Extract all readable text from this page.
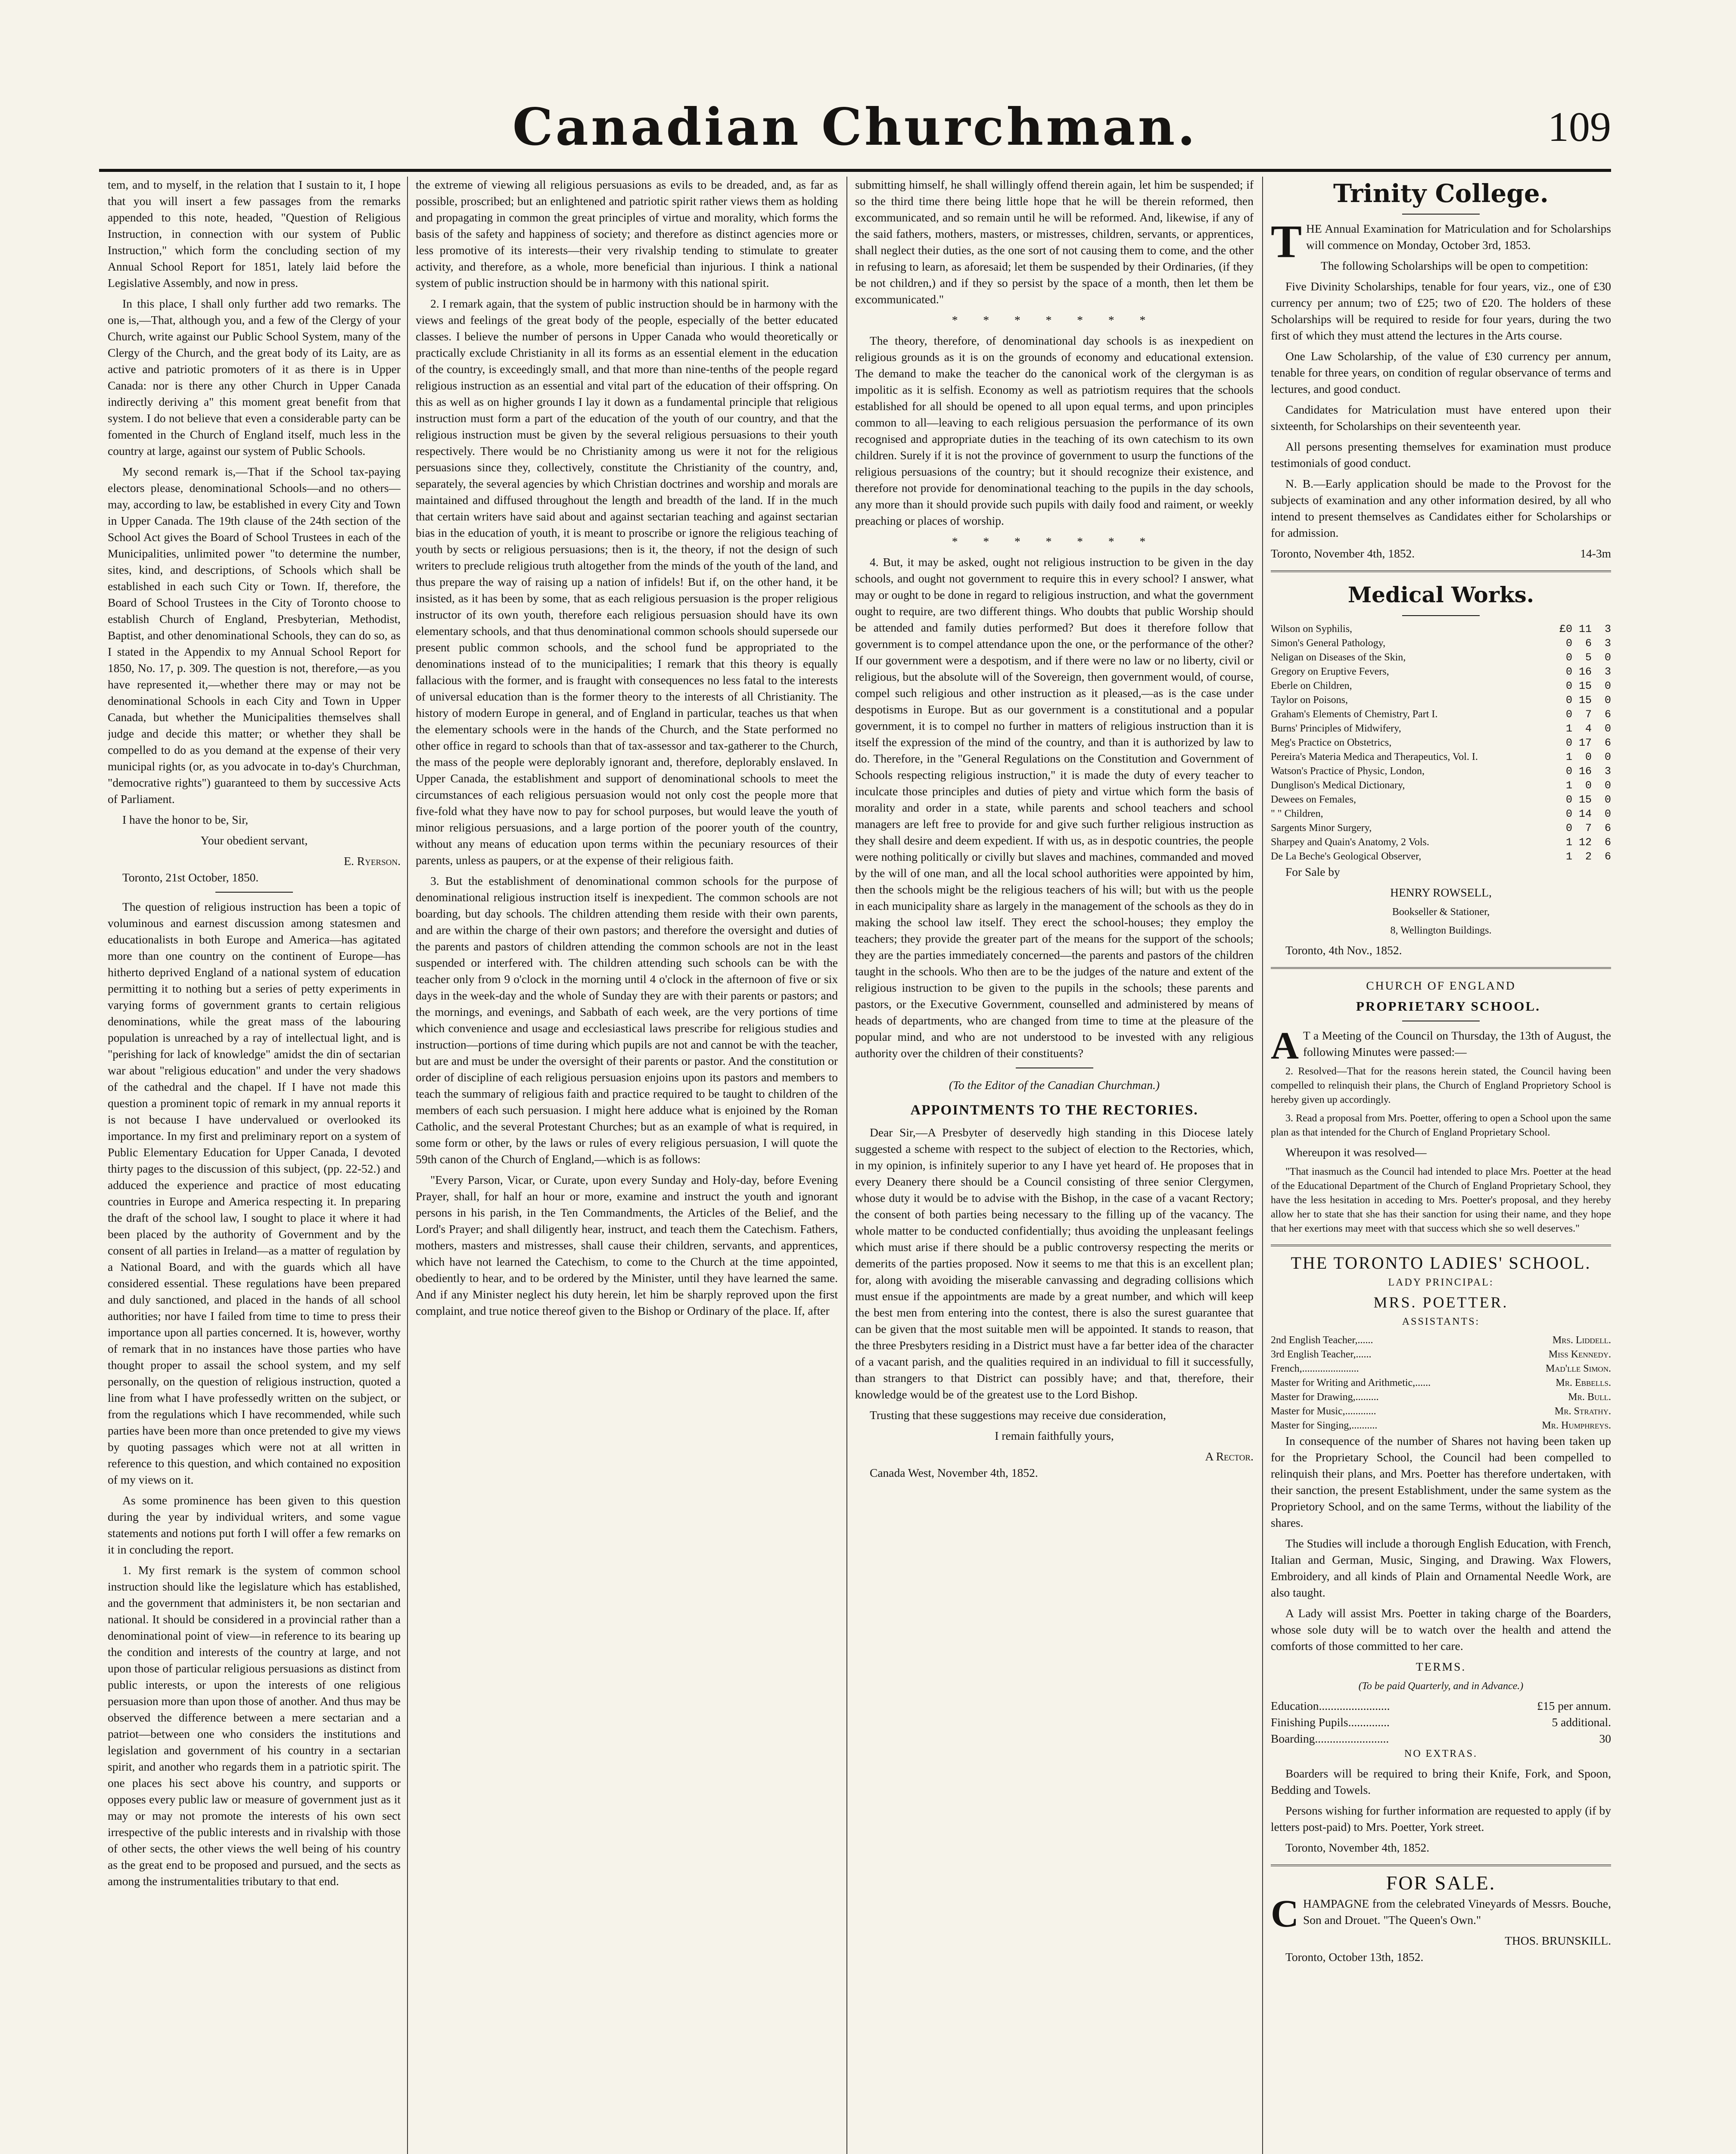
Canadian Churchman.	109

tem, and to myself, in the relation that I sustain to it, I hope that you will insert a few passages from the remarks appended to this note, headed, "Question of Religious Instruction, in connection with our system of Public Instruction," which form the concluding section of my Annual School Report for 1851, lately laid before the Legislative Assembly, and now in press.

In this place, I shall only further add two remarks. The one is,—That, although you, and a few of the Clergy of your Church, write against our Public School System, many of the Clergy of the Church, and the great body of its Laity, are as active and patriotic promoters of it as there is in Upper Canada: nor is there any other Church in Upper Canada indirectly deriving a" this moment great benefit from that system. I do not believe that even a considerable party can be fomented in the Church of England itself, much less in the country at large, against our system of Public Schools.

My second remark is,—That if the School tax-paying electors please, denominational Schools—and no others—may, according to law, be established in every City and Town in Upper Canada. The 19th clause of the 24th section of the School Act gives the Board of School Trustees in each of the Municipalities, unlimited power "to determine the number, sites, kind, and descriptions, of Schools which shall be established in each such City or Town. If, therefore, the Board of School Trustees in the City of Toronto choose to establish Church of England, Presbyterian, Methodist, Baptist, and other denominational Schools, they can do so, as I stated in the Appendix to my Annual School Report for 1850, No. 17, p. 309. The question is not, therefore,—as you have represented it,—whether there may or may not be denominational Schools in each City and Town in Upper Canada, but whether the Municipalities themselves shall judge and decide this matter; or whether they shall be compelled to do as you demand at the expense of their very municipal rights (or, as you advocate in to-day's Churchman, "democrative rights") guaranteed to them by successive Acts of Parliament.

I have the honor to be, Sir,

Your obedient servant,

E. Ryerson.

Toronto, 21st October, 1850.

The question of religious instruction has been a topic of voluminous and earnest discussion among statesmen and educationalists in both Europe and America—has agitated more than one country on the continent of Europe—has hitherto deprived England of a national system of education permitting it to nothing but a series of petty experiments in varying forms of government grants to certain religious denominations, while the great mass of the labouring population is unreached by a ray of intellectual light, and is "perishing for lack of knowledge" amidst the din of sectarian war about "religious education" and under the very shadows of the cathedral and the chapel. If I have not made this question a prominent topic of remark in my annual reports it is not because I have undervalued or overlooked its importance. In my first and preliminary report on a system of Public Elementary Education for Upper Canada, I devoted thirty pages to the discussion of this subject, (pp. 22-52.) and adduced the experience and practice of most educating countries in Europe and America respecting it. In preparing the draft of the school law, I sought to place it where it had been placed by the authority of Government and by the consent of all parties in Ireland—as a matter of regulation by a National Board, and with the guards which all have considered essential. These regulations have been prepared and duly sanctioned, and placed in the hands of all school authorities; nor have I failed from time to time to press their importance upon all parties concerned. It is, however, worthy of remark that in no instances have those parties who have thought proper to assail the school system, and my self personally, on the question of religious instruction, quoted a line from what I have professedly written on the subject, or from the regulations which I have recommended, while such parties have been more than once pretended to give my views by quoting passages which were not at all written in reference to this question, and which contained no exposition of my views on it.

As some prominence has been given to this question during the year by individual writers, and some vague statements and notions put forth I will offer a few remarks on it in concluding the report.

1. My first remark is the system of common school instruction should like the legislature which has established, and the government that administers it, be non sectarian and national. It should be considered in a provincial rather than a denominational point of view—in reference to its bearing up the condition and interests of the country at large, and not upon those of particular religious persuasions as distinct from public interests, or upon the interests of one religious persuasion more than upon those of another. And thus may be observed the difference between a mere sectarian and a patriot—between one who considers the institutions and legislation and government of his country in a sectarian spirit, and another who regards them in a patriotic spirit. The one places his sect above his country, and supports or opposes every public law or measure of government just as it may or may not promote the interests of his own sect irrespective of the public interests and in rivalship with those of other sects, the other views the well being of his country as the great end to be proposed and pursued, and the sects as among the instrumentalities tributary to that end.

the extreme of viewing all religious persuasions as evils to be dreaded, and, as far as possible, proscribed; but an enlightened and patriotic spirit rather views them as holding and propagating in common the great principles of virtue and morality, which forms the basis of the safety and happiness of society; and therefore as distinct agencies more or less promotive of its interests—their very rivalship tending to stimulate to greater activity, and therefore, as a whole, more beneficial than injurious. I think a national system of public instruction should be in harmony with this national spirit.

2. I remark again, that the system of public instruction should be in harmony with the views and feelings of the great body of the people, especially of the better educated classes. I believe the number of persons in Upper Canada who would theoretically or practically exclude Christianity in all its forms as an essential element in the education of the country, is exceedingly small, and that more than nine-tenths of the people regard religious instruction as an essential and vital part of the education of their offspring. On this as well as on higher grounds I lay it down as a fundamental principle that religious instruction must form a part of the education of the youth of our country, and that the religious instruction must be given by the several religious persuasions to their youth respectively. There would be no Christianity among us were it not for the religious persuasions since they, collectively, constitute the Christianity of the country, and, separately, the several agencies by which Christian doctrines and worship and morals are maintained and diffused throughout the length and breadth of the land. If in the much that certain writers have said about and against sectarian teaching and against sectarian bias in the education of youth, it is meant to proscribe or ignore the religious teaching of youth by sects or religious persuasions; then is it, the theory, if not the design of such writers to preclude religious truth altogether from the minds of the youth of the land, and thus prepare the way of raising up a nation of infidels! But if, on the other hand, it be insisted, as it has been by some, that as each religious persuasion is the proper religious instructor of its own youth, therefore each religious persuasion should have its own elementary schools, and that thus denominational common schools should supersede our present public common schools, and the school fund be appropriated to the denominations instead of to the municipalities; I remark that this theory is equally fallacious with the former, and is fraught with consequences no less fatal to the interests of universal education than is the former theory to the interests of all Christianity. The history of modern Europe in general, and of England in particular, teaches us that when the elementary schools were in the hands of the Church, and the State performed no other office in regard to schools than that of tax-assessor and tax-gatherer to the Church, the mass of the people were deplorably ignorant and, therefore, deplorably enslaved. In Upper Canada, the establishment and support of denominational schools to meet the circumstances of each religious persuasion would not only cost the people more that five-fold what they have now to pay for school purposes, but would leave the youth of minor religious persuasions, and a large portion of the poorer youth of the country, without any means of education upon terms within the pecuniary resources of their parents, unless as paupers, or at the expense of their religious faith.

3. But the establishment of denominational common schools for the purpose of denominational religious instruction itself is inexpedient. The common schools are not boarding, but day schools. The children attending them reside with their own parents, and are within the charge of their own pastors; and therefore the oversight and duties of the parents and pastors of children attending the common schools are not in the least suspended or interfered with. The children attending such schools can be with the teacher only from 9 o'clock in the morning until 4 o'clock in the afternoon of five or six days in the week-day and the whole of Sunday they are with their parents or pastors; and the mornings, and evenings, and Sabbath of each week, are the very portions of time which convenience and usage and ecclesiastical laws prescribe for religious studies and instruction—portions of time during which pupils are not and cannot be with the teacher, but are and must be under the oversight of their parents or pastor. And the constitution or order of discipline of each religious persuasion enjoins upon its pastors and members to teach the summary of religious faith and practice required to be taught to children of the members of each such persuasion. I might here adduce what is enjoined by the Roman Catholic, and the several Protestant Churches; but as an example of what is required, in some form or other, by the laws or rules of every religious persuasion, I will quote the 59th canon of the Church of England,—which is as follows:

"Every Parson, Vicar, or Curate, upon every Sunday and Holy-day, before Evening Prayer, shall, for half an hour or more, examine and instruct the youth and ignorant persons in his parish, in the Ten Commandments, the Articles of the Belief, and the Lord's Prayer; and shall diligently hear, instruct, and teach them the Catechism. Fathers, mothers, masters and mistresses, shall cause their children, servants, and apprentices, which have not learned the Catechism, to come to the Church at the time appointed, obediently to hear, and to be ordered by the Minister, until they have learned the same. And if any Minister neglect his duty herein, let him be sharply reproved upon the first complaint, and true notice thereof given to the Bishop or Ordinary of the place. If, after

submitting himself, he shall willingly offend therein again, let him be suspended; if so the third time there being little hope that he will be therein reformed, then excommunicated, and so remain until he will be reformed. And, likewise, if any of the said fathers, mothers, masters, or mistresses, children, servants, or apprentices, shall neglect their duties, as the one sort of not causing them to come, and the other in refusing to learn, as aforesaid; let them be suspended by their Ordinaries, (if they be not children,) and if they so persist by the space of a month, then let them be excommunicated."

* * * * * * *

The theory, therefore, of denominational day schools is as inexpedient on religious grounds as it is on the grounds of economy and educational extension. The demand to make the teacher do the canonical work of the clergyman is as impolitic as it is selfish. Economy as well as patriotism requires that the schools established for all should be opened to all upon equal terms, and upon principles common to all—leaving to each religious persuasion the performance of its own recognised and appropriate duties in the teaching of its own catechism to its own children. Surely if it is not the province of government to usurp the functions of the religious persuasions of the country; but it should recognize their existence, and therefore not provide for denominational teaching to the pupils in the day schools, any more than it should provide such pupils with daily food and raiment, or weekly preaching or places of worship.

* * * * * * *

4. But, it may be asked, ought not religious instruction to be given in the day schools, and ought not government to require this in every school? I answer, what may or ought to be done in regard to religious instruction, and what the government ought to require, are two different things. Who doubts that public Worship should be attended and family duties performed? But does it therefore follow that government is to compel attendance upon the one, or the performance of the other? If our government were a despotism, and if there were no law or no liberty, civil or religious, but the absolute will of the Sovereign, then government would, of course, compel such religious and other instruction as it pleased,—as is the case under despotisms in Europe. But as our government is a constitutional and a popular government, it is to compel no further in matters of religious instruction than it is itself the expression of the mind of the country, and than it is authorized by law to do. Therefore, in the "General Regulations on the Constitution and Government of Schools respecting religious instruction," it is made the duty of every teacher to inculcate those principles and duties of piety and virtue which form the basis of morality and order in a state, while parents and school teachers and school managers are left free to provide for and give such further religious instruction as they shall desire and deem expedient. If with us, as in despotic countries, the people were nothing politically or civilly but slaves and machines, commanded and moved by the will of one man, and all the local school authorities were appointed by him, then the schools might be the religious teachers of his will; but with us the people in each municipality share as largely in the management of the schools as they do in making the school law itself. They erect the school-houses; they employ the teachers; they provide the greater part of the means for the support of the schools; they are the parties immediately concerned—the parents and pastors of the children taught in the schools. Who then are to be the judges of the nature and extent of the religious instruction to be given to the pupils in the schools; these parents and pastors, or the Executive Government, counselled and administered by means of heads of departments, who are changed from time to time at the pleasure of the popular mind, and who are not understood to be invested with any religious authority over the children of their constituents?

(To the Editor of the Canadian Churchman.)

APPOINTMENTS TO THE RECTORIES.

Dear Sir,—A Presbyter of deservedly high standing in this Diocese lately suggested a scheme with respect to the subject of election to the Rectories, which, in my opinion, is infinitely superior to any I have yet heard of. He proposes that in every Deanery there should be a Council consisting of three senior Clergymen, whose duty it would be to advise with the Bishop, in the case of a vacant Rectory; the consent of both parties being necessary to the filling up of the vacancy. The whole matter to be conducted confidentially; thus avoiding the unpleasant feelings which must arise if there should be a public controversy respecting the merits or demerits of the parties proposed. Now it seems to me that this is an excellent plan; for, along with avoiding the miserable canvassing and degrading collisions which must ensue if the appointments are made by a great number, and which will keep the best men from entering into the contest, there is also the surest guarantee that can be given that the most suitable men will be appointed. It stands to reason, that the three Presbyters residing in a District must have a far better idea of the character of a vacant parish, and the qualities required in an individual to fill it successfully, than strangers to that District can possibly have; and that, therefore, their knowledge would be of the greatest use to the Lord Bishop.

Trusting that these suggestions may receive due consideration,

I remain faithfully yours,

A Rector.

Canada West, November 4th, 1852.

Trinity College.

THE Annual Examination for Matriculation and for Scholarships will commence on Monday, October 3rd, 1853.

The following Scholarships will be open to competition:

Five Divinity Scholarships, tenable for four years, viz., one of £30 currency per annum; two of £25; two of £20. The holders of these Scholarships will be required to reside for four years, during the two first of which they must attend the lectures in the Arts course.

One Law Scholarship, of the value of £30 currency per annum, tenable for three years, on condition of regular observance of terms and lectures, and good conduct.

Candidates for Matriculation must have entered upon their sixteenth, for Scholarships on their seventeenth year.

All persons presenting themselves for examination must produce testimonials of good conduct.

N. B.—Early application should be made to the Provost for the subjects of examination and any other information desired, by all who intend to present themselves as Candidates either for Scholarships or for admission.

Toronto, November 4th, 1852.	14-3m

Medical Works.
Wilson on Syphilis,	£0 11  3
Simon's General Pathology,	0  6  3
Neligan on Diseases of the Skin,	0  5  0
Gregory on Eruptive Fevers,	0 16  3
Eberle on Children,	0 15  0
Taylor on Poisons,	0 15  0
Graham's Elements of Chemistry, Part I.	0  7  6
Burns' Principles of Midwifery,	1  4  0
Meg's Practice on Obstetrics,	0 17  6
Pereira's Materia Medica and Therapeutics, Vol. I.	1  0  0
Watson's Practice of Physic, London,	0 16  3
Dunglison's Medical Dictionary,	1  0  0
Dewees on Females,	0 15  0
" " Children,	0 14  0
Sargents Minor Surgery,	0  7  6
Sharpey and Quain's Anatomy, 2 Vols.	1 12  6
De La Beche's Geological Observer,	1  2  6

For Sale by

HENRY ROWSELL,

Bookseller & Stationer,

8, Wellington Buildings.

Toronto, 4th Nov., 1852.

CHURCH OF ENGLAND

PROPRIETARY SCHOOL.

A T a Meeting of the Council on Thursday, the 13th of August, the following Minutes were passed:—

2. Resolved—That for the reasons herein stated, the Council having been compelled to relinquish their plans, the Church of England Proprietory School is hereby given up accordingly.

3. Read a proposal from Mrs. Poetter, offering to open a School upon the same plan as that intended for the Church of England Proprietary School.

Whereupon it was resolved—

"That inasmuch as the Council had intended to place Mrs. Poetter at the head of the Educational Department of the Church of England Proprietary School, they have the less hesitation in acceding to Mrs. Poetter's proposal, and they hereby allow her to state that she has their sanction for using their name, and they hope that her exertions may meet with that success which she so well deserves."

THE TORONTO LADIES' SCHOOL.

LADY PRINCIPAL:

MRS. POETTER.

ASSISTANTS:

2nd English Teacher,......	Mrs. Liddell.
3rd English Teacher,......	Miss Kennedy.
French,......................	Mad'lle Simon.
Master for Writing and Arithmetic,......	Mr. Ebbells.
Master for Drawing,.........	Mr. Bull.
Master for Music,............	Mr. Strathy.
Master for Singing,..........	Mr. Humphreys.

In consequence of the number of Shares not having been taken up for the Proprietary School, the Council had been compelled to relinquish their plans, and Mrs. Poetter has therefore undertaken, with their sanction, the present Establishment, under the same system as the Proprietory School, and on the same Terms, without the liability of the shares.

The Studies will include a thorough English Education, with French, Italian and German, Music, Singing, and Drawing. Wax Flowers, Embroidery, and all kinds of Plain and Ornamental Needle Work, are also taught.

A Lady will assist Mrs. Poetter in taking charge of the Boarders, whose sole duty will be to watch over the health and attend the comforts of those committed to her care.

TERMS.

(To be paid Quarterly, and in Advance.)

Education........................	£15 per annum.
Finishing Pupils..............	5 additional.
Boarding.........................	30

NO EXTRAS.

Boarders will be required to bring their Knife, Fork, and Spoon, Bedding and Towels.

Persons wishing for further information are requested to apply (if by letters post-paid) to Mrs. Poetter, York street.

Toronto, November 4th, 1852.

FOR SALE.

CHAMPAGNE from the celebrated Vineyards of Messrs. Bouche, Son and Drouet. "The Queen's Own."

THOS. BRUNSKILL.

Toronto, October 13th, 1852.
